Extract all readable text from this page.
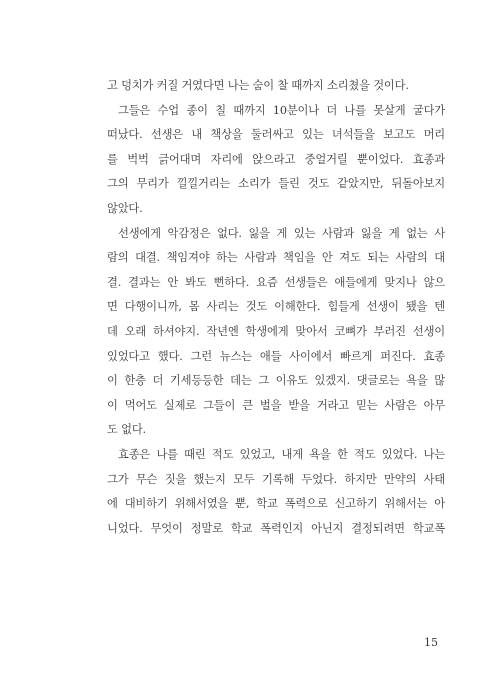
고 덩치가 커질 거였다면 나는 숨이 찰 때까지 소리쳤을 것이다.
그들은 수업 종이 칠 때까지 10분이나 더 나를 못살게 굴다가
떠났다. 선생은 내 책상을 둘러싸고 있는 녀석들을 보고도 머리
를 벅벅 긁어대며 자리에 앉으라고 중얼거릴 뿐이었다. 효종과
그의 무리가 낄낄거리는 소리가 들린 것도 같았지만, 뒤돌아보지
않았다.
선생에게 악감정은 없다. 잃을 게 있는 사람과 잃을 게 없는 사
람의 대결. 책임져야 하는 사람과 책임을 안 져도 되는 사람의 대
결. 결과는 안 봐도 뻔하다. 요즘 선생들은 애들에게 맞지나 않으
면 다행이니까, 몸 사리는 것도 이해한다. 힘들게 선생이 됐을 텐
데 오래 하셔야지. 작년엔 학생에게 맞아서 코뼈가 부러진 선생이
있었다고 했다. 그런 뉴스는 애들 사이에서 빠르게 퍼진다. 효종
이 한층 더 기세등등한 데는 그 이유도 있겠지. 댓글로는 욕을 많
이 먹어도 실제로 그들이 큰 벌을 받을 거라고 믿는 사람은 아무
도 없다.
효종은 나를 때린 적도 있었고, 내게 욕을 한 적도 있었다. 나는
그가 무슨 짓을 했는지 모두 기록해 두었다. 하지만 만약의 사태
에 대비하기 위해서였을 뿐, 학교 폭력으로 신고하기 위해서는 아
니었다. 무엇이 정말로 학교 폭력인지 아닌지 결정되려면 학교폭
15
